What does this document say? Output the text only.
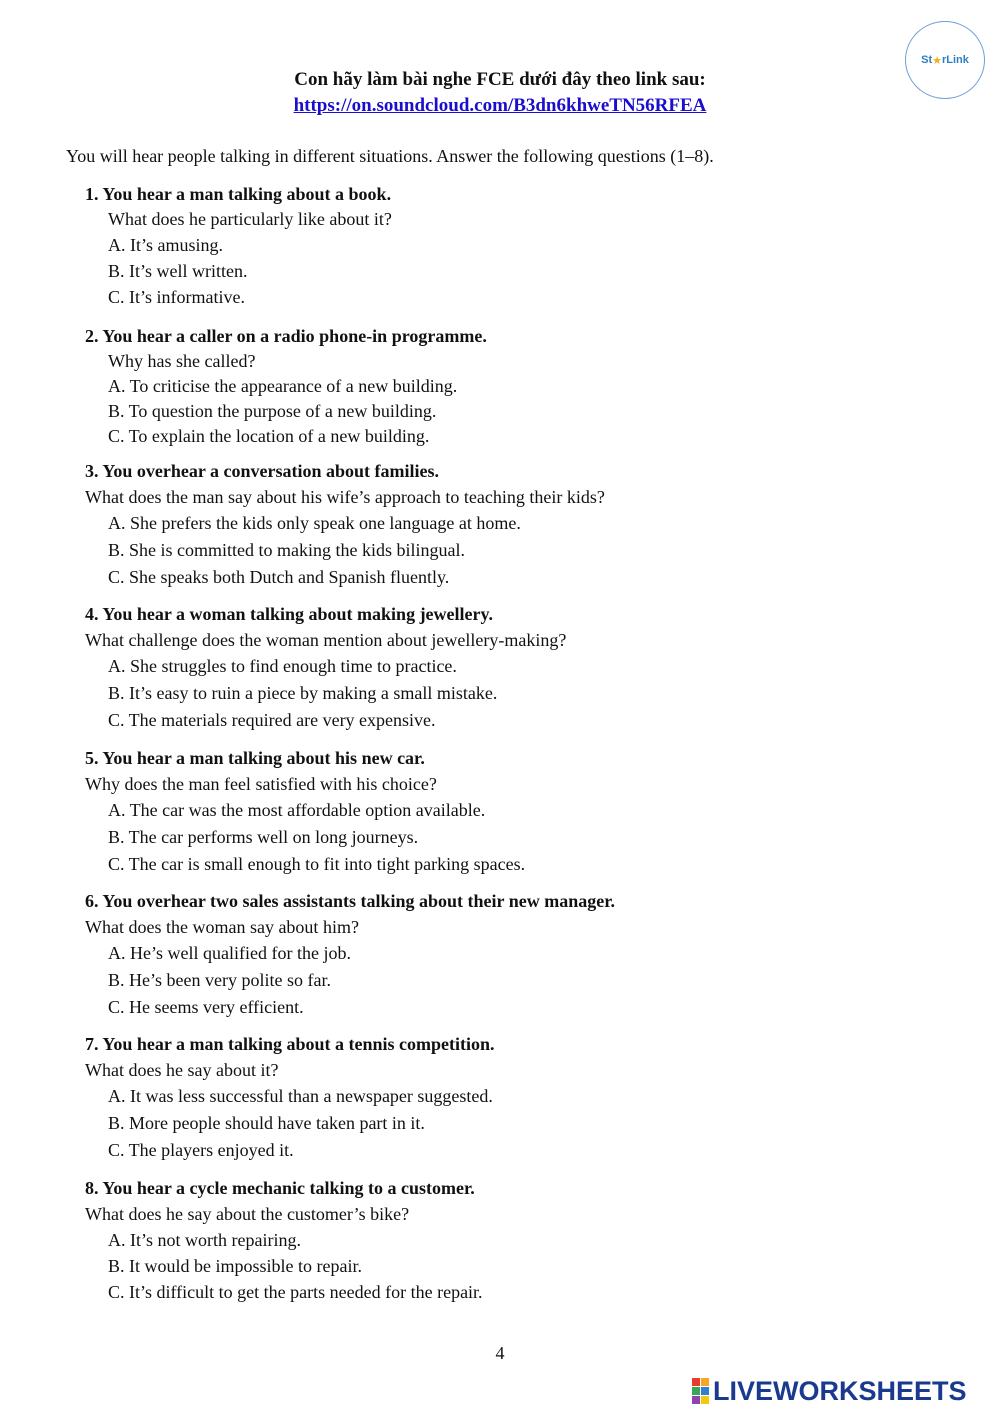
St ★ rLink
Con hãy làm bài nghe FCE dưới đây theo link sau:
https://on.soundcloud.com/B3dn6khweTN56RFEA
You will hear people talking in different situations. Answer the following questions (1–8).
1. You hear a man talking about a book.
What does he particularly like about it?
A. It’s amusing.
B. It’s well written.
C. It’s informative.
2. You hear a caller on a radio phone-in programme.
Why has she called?
A. To criticise the appearance of a new building.
B. To question the purpose of a new building.
C. To explain the location of a new building.
3. You overhear a conversation about families.
What does the man say about his wife’s approach to teaching their kids?
A. She prefers the kids only speak one language at home.
B. She is committed to making the kids bilingual.
C. She speaks both Dutch and Spanish fluently.
4. You hear a woman talking about making jewellery.
What challenge does the woman mention about jewellery-making?
A. She struggles to find enough time to practice.
B. It’s easy to ruin a piece by making a small mistake.
C. The materials required are very expensive.
5. You hear a man talking about his new car.
Why does the man feel satisfied with his choice?
A. The car was the most affordable option available.
B. The car performs well on long journeys.
C. The car is small enough to fit into tight parking spaces.
6. You overhear two sales assistants talking about their new manager.
What does the woman say about him?
A. He’s well qualified for the job.
B. He’s been very polite so far.
C. He seems very efficient.
7. You hear a man talking about a tennis competition.
What does he say about it?
A. It was less successful than a newspaper suggested.
B. More people should have taken part in it.
C. The players enjoyed it.
8. You hear a cycle mechanic talking to a customer.
What does he say about the customer’s bike?
A. It’s not worth repairing.
B. It would be impossible to repair.
C. It’s difficult to get the parts needed for the repair.
4
LIVEWORKSHEETS
